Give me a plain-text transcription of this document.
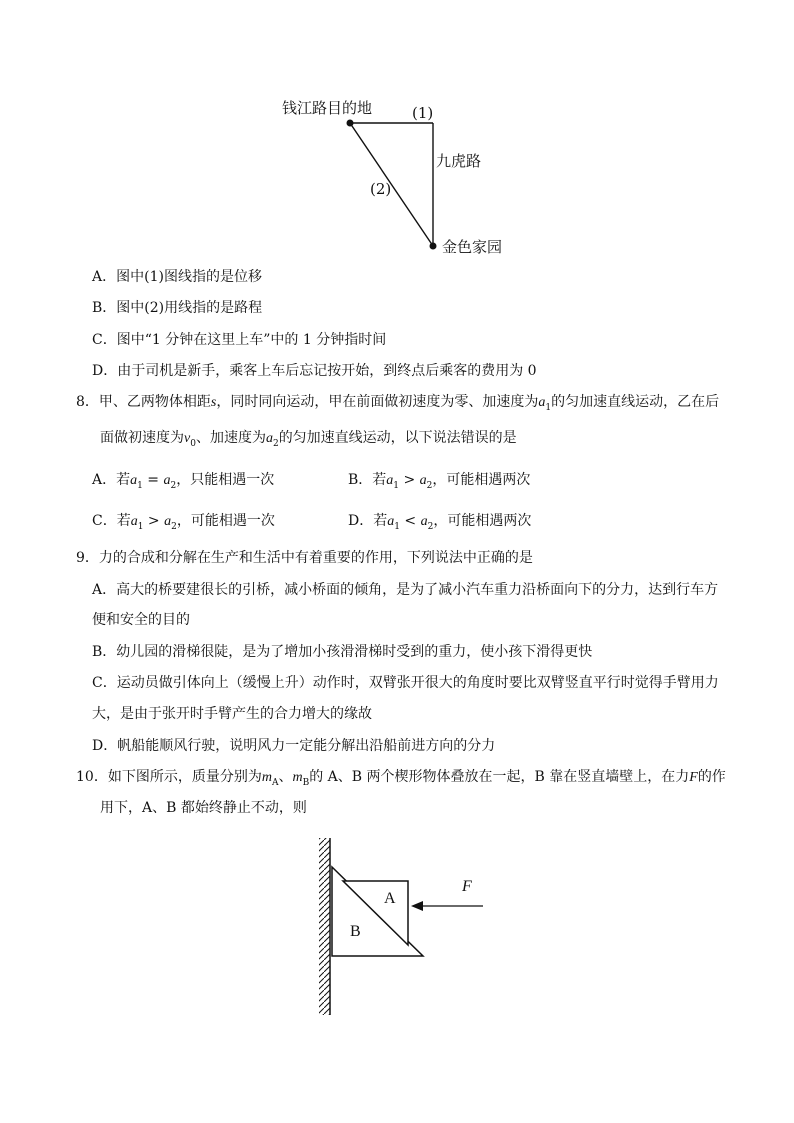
钱江路目的地	(1)
九虎路
(2)
金色家园
A．图中(1)图线指的是位移
B．图中(2)用线指的是路程
C．图中“1 分钟在这里上车”中的 1 分钟指时间
D．由于司机是新手，乘客上车后忘记按开始，到终点后乘客的费用为 0
8．甲、乙两物体相距s，同时同向运动，甲在前面做初速度为零、加速度为$a_1$的匀加速直线运动，乙在后
面做初速度为$v_0$、加速度为$a_2$的匀加速直线运动，以下说法错误的是
A．若$a_1 = a_2$，只能相遇一次	B．若$a_1 > a_2$，可能相遇两次
C．若$a_1 > a_2$，可能相遇一次	D．若$a_1 < a_2$，可能相遇两次
9．力的合成和分解在生产和生活中有着重要的作用，下列说法中正确的是
A．高大的桥要建很长的引桥，减小桥面的倾角，是为了减小汽车重力沿桥面向下的分力，达到行车方
便和安全的目的
B．幼儿园的滑梯很陡，是为了增加小孩滑滑梯时受到的重力，使小孩下滑得更快
C．运动员做引体向上（缓慢上升）动作时，双臂张开很大的角度时要比双臂竖直平行时觉得手臂用力
大，是由于张开时手臂产生的合力增大的缘故
D．帆船能顺风行驶，说明风力一定能分解出沿船前进方向的分力
10．如下图所示，质量分别为$m_A$、$m_B$的 A、B 两个楔形物体叠放在一起，B 靠在竖直墙壁上，在力F的作
用下，A、B 都始终静止不动，则
A
B
F
